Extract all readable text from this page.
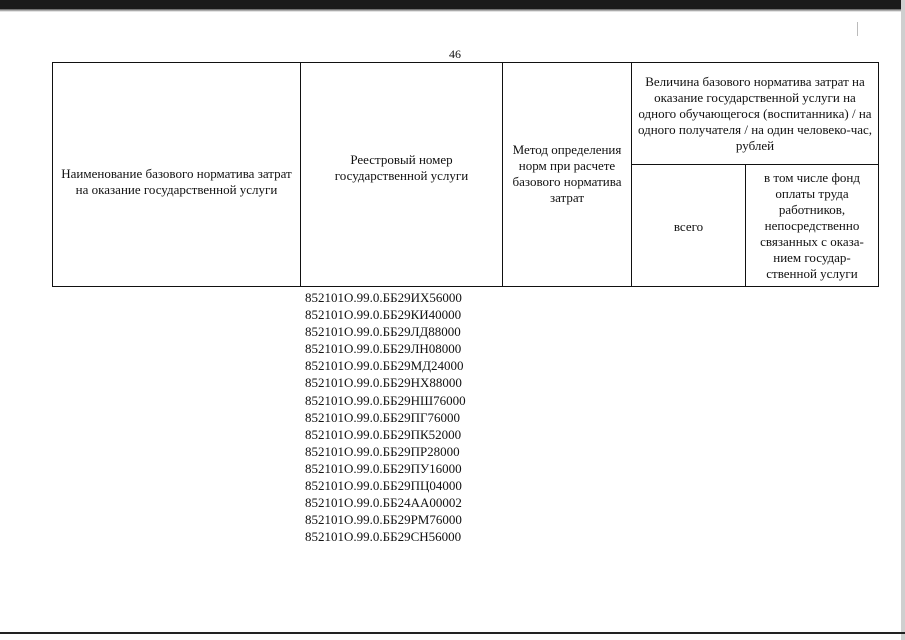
46
Наименование базового норматива затрат на оказание государственной услуги
Реестровый номер государственной услуги
Метод определения норм при расчете базового норматива затрат
Величина базового норматива затрат на оказание государственной услуги на одного обучающегося (воспитанника) / на одного получателя / на один человеко-час, рублей
всего
в том числе фонд оплаты труда работников, непосредственно связанных с оказа-нием государ-ственной услуги
852101О.99.0.ББ29ИХ56000
852101О.99.0.ББ29КИ40000
852101О.99.0.ББ29ЛД88000
852101О.99.0.ББ29ЛН08000
852101О.99.0.ББ29МД24000
852101О.99.0.ББ29НХ88000
852101О.99.0.ББ29НШ76000
852101О.99.0.ББ29ПГ76000
852101О.99.0.ББ29ПК52000
852101О.99.0.ББ29ПР28000
852101О.99.0.ББ29ПУ16000
852101О.99.0.ББ29ПЦ04000
852101О.99.0.ББ24АА00002
852101О.99.0.ББ29РМ76000
852101О.99.0.ББ29СН56000
